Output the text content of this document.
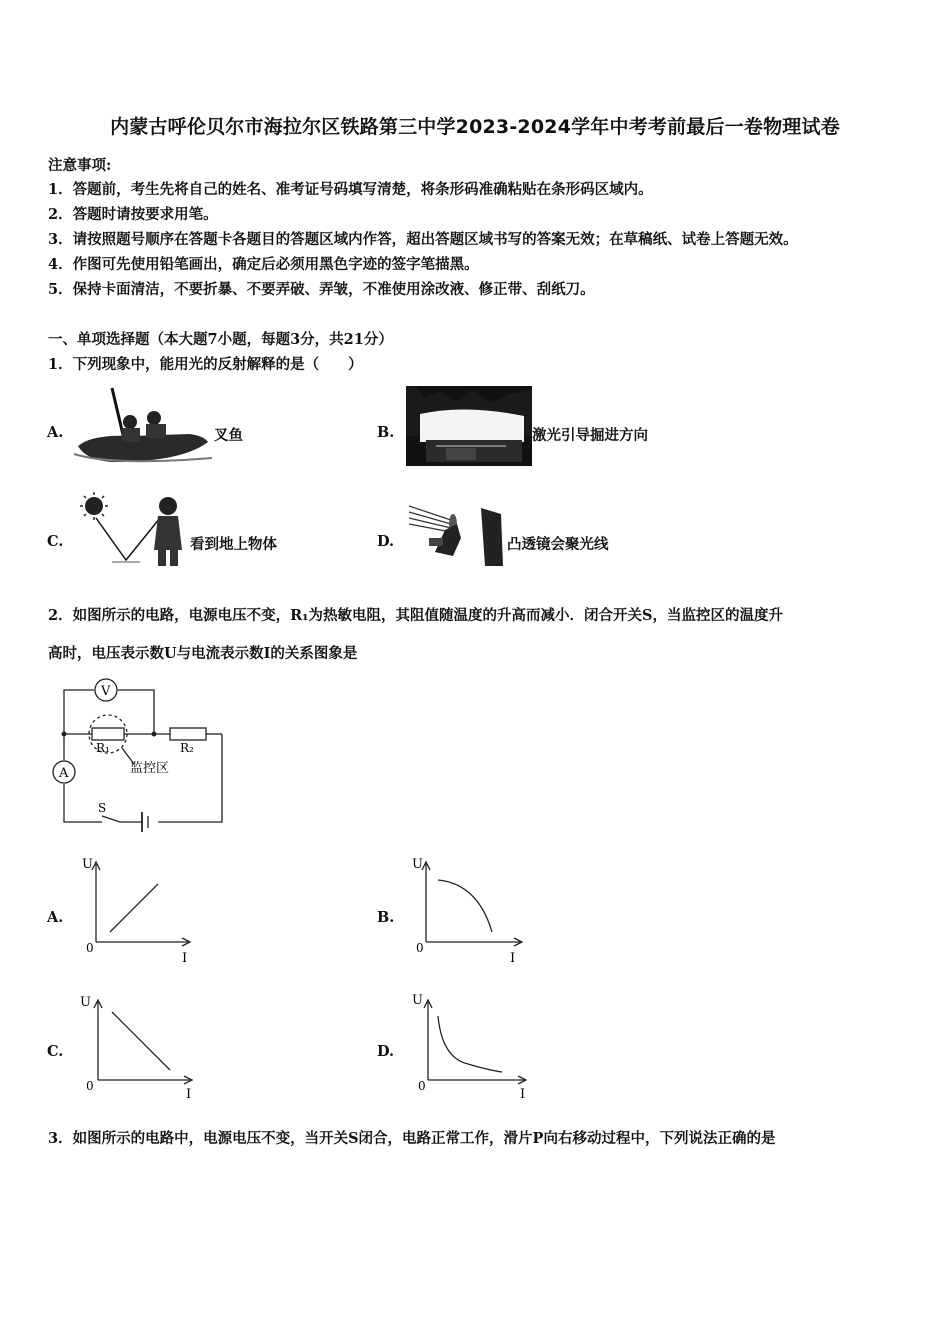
内蒙古呼伦贝尔市海拉尔区铁路第三中学2023-2024学年中考考前最后一卷物理试卷
注意事项:
1．答题前，考生先将自己的姓名、准考证号码填写清楚，将条形码准确粘贴在条形码区域内。
2．答题时请按要求用笔。
3．请按照题号顺序在答题卡各题目的答题区域内作答，超出答题区域书写的答案无效；在草稿纸、试卷上答题无效。
4．作图可先使用铅笔画出，确定后必须用黑色字迹的签字笔描黑。
5．保持卡面清洁，不要折暴、不要弄破、弄皱，不准使用涂改液、修正带、刮纸刀。
一、单项选择题（本大题7小题，每题3分，共21分）
1．下列现象中，能用光的反射解释的是（　　）
A.	叉鱼	B.	激光引导掘进方向
C.	看到地上物体	D.	凸透镜会聚光线
2．如图所示的电路，电源电压不变，R₁为热敏电阻，其阻值随温度的升高而减小．闭合开关S，当监控区的温度升
高时，电压表示数U与电流表示数I的关系图象是
V
A
R₁	R₂
S
监控区
A.
U
0
I
B.
U
0
I
C.
U
0
I
D.
U
0
I
3．如图所示的电路中，电源电压不变，当开关S闭合，电路正常工作，滑片P向右移动过程中，下列说法正确的是
